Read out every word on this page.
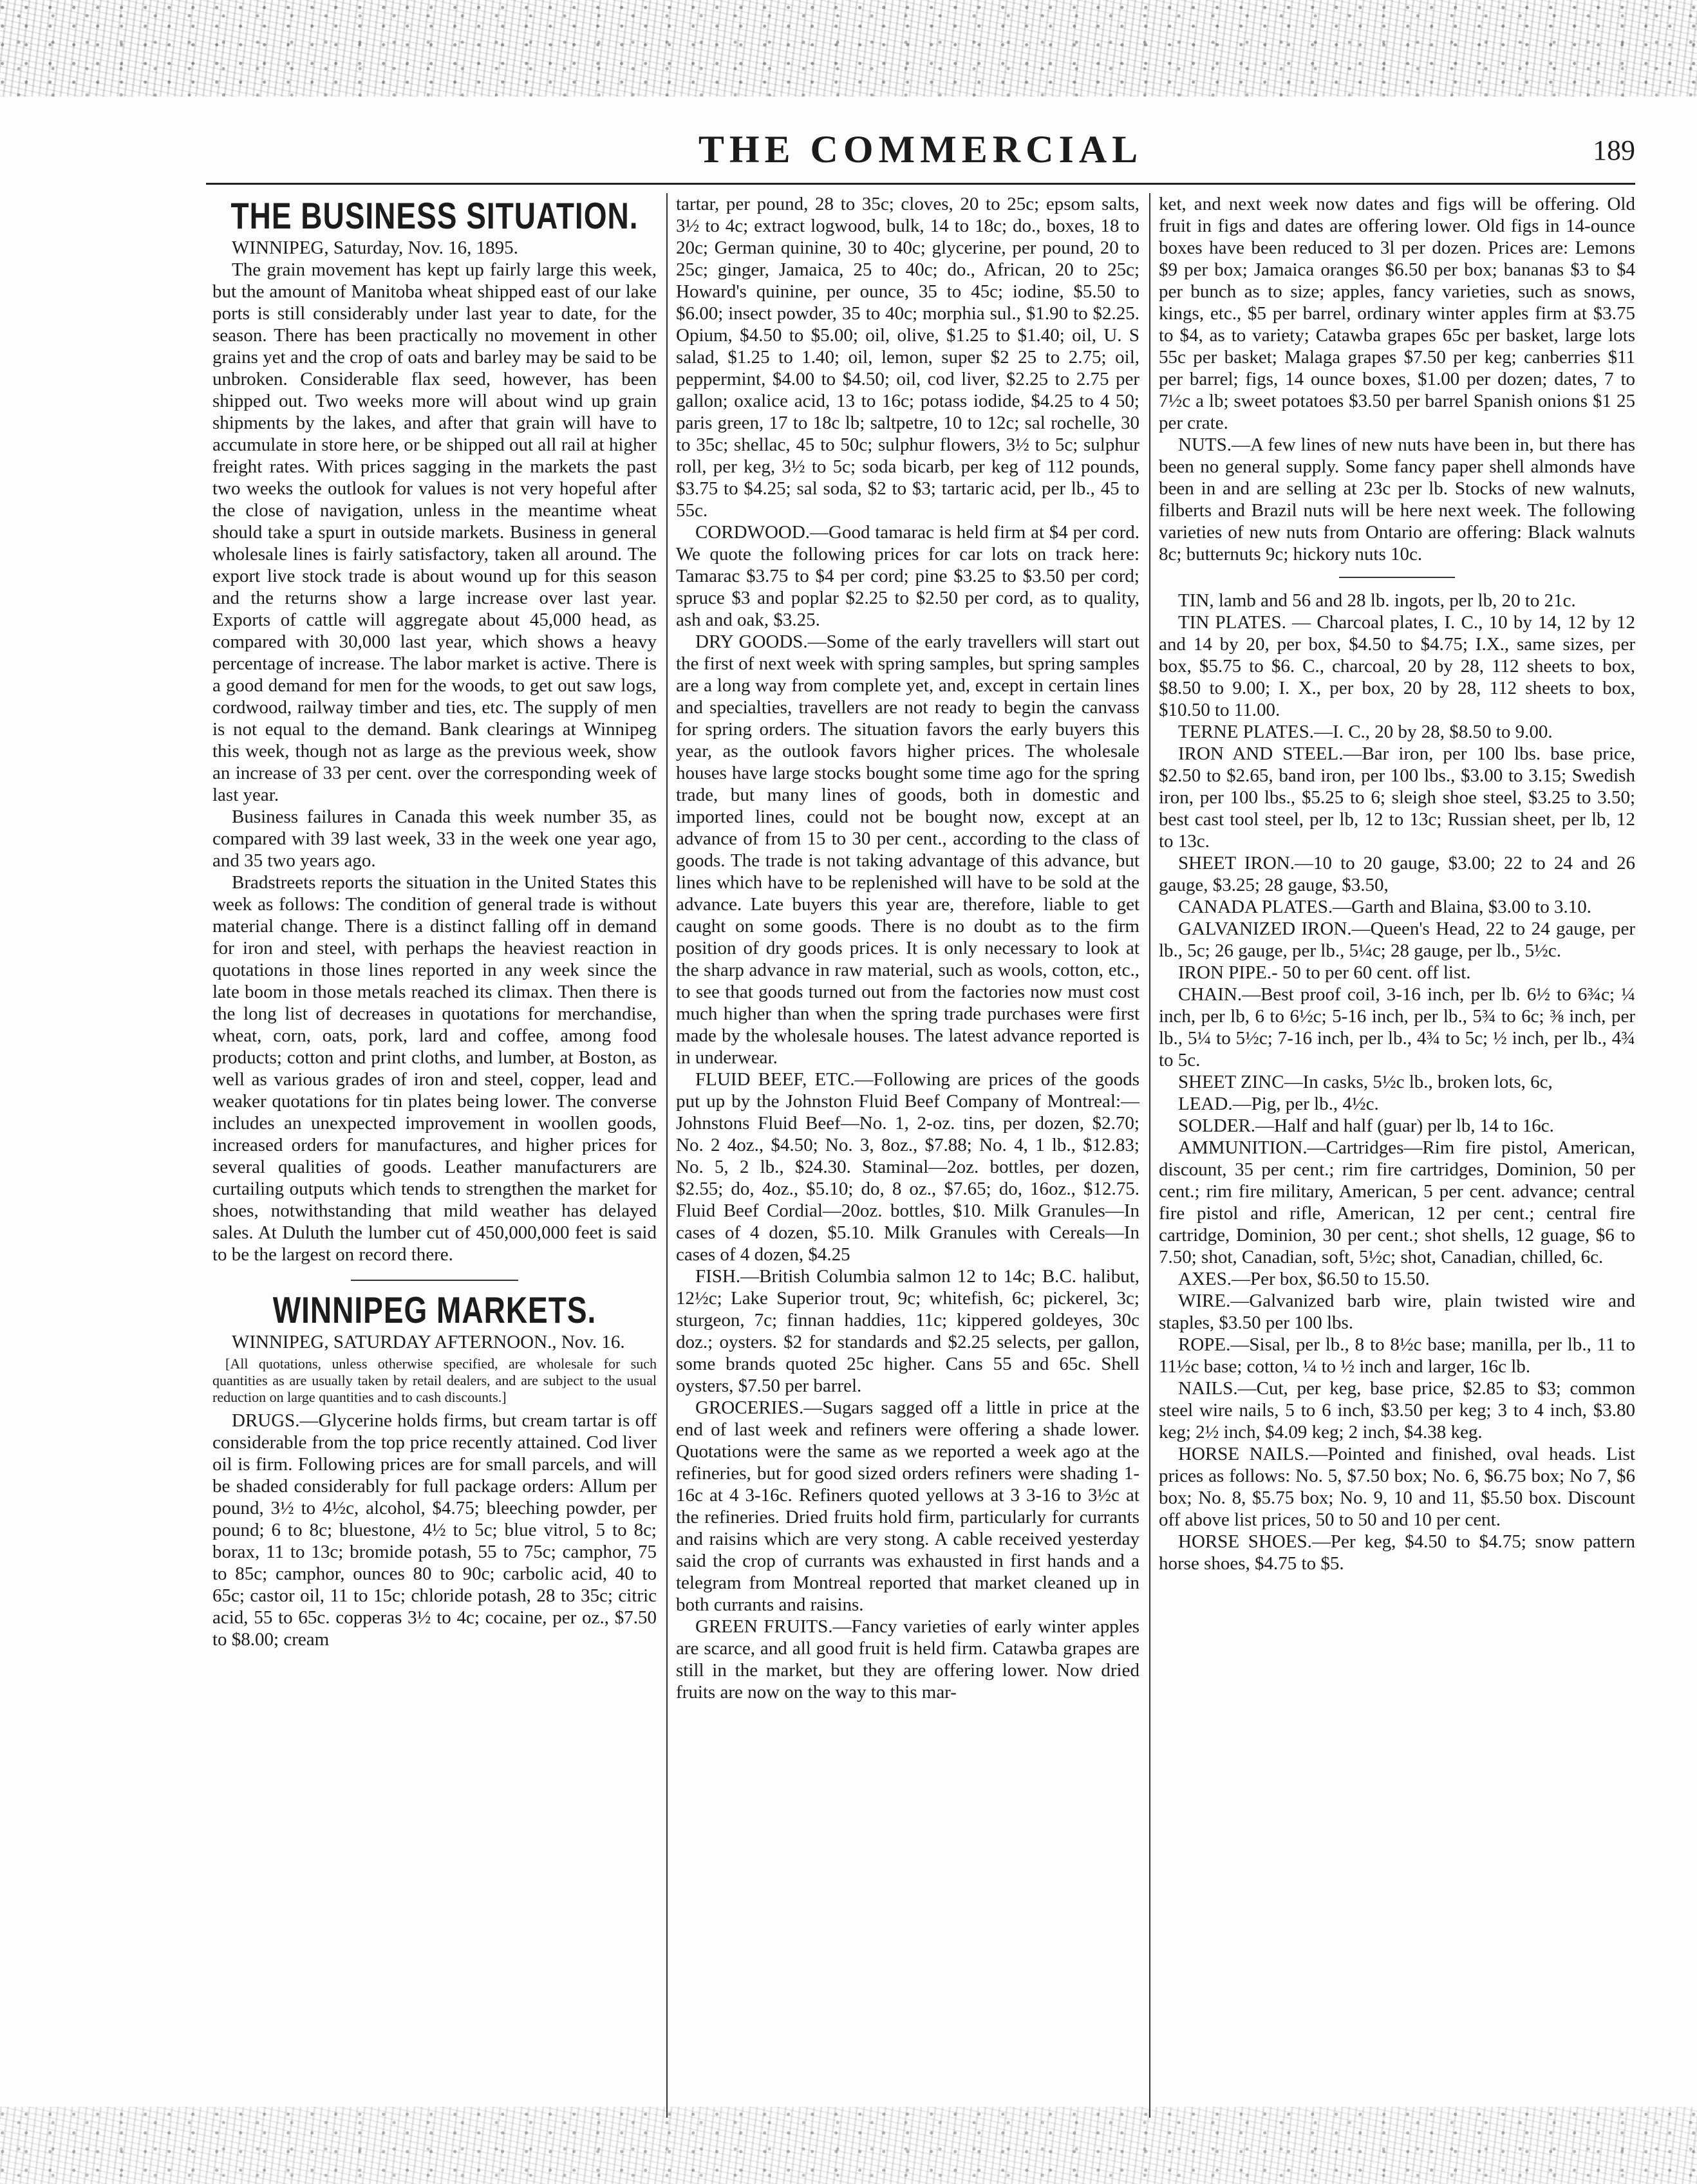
THE COMMERCIAL	189
THE BUSINESS SITUATION.

WINNIPEG, Saturday, Nov. 16, 1895.

The grain movement has kept up fairly large this week, but the amount of Manitoba wheat shipped east of our lake ports is still considerably under last year to date, for the season. There has been practically no movement in other grains yet and the crop of oats and barley may be said to be unbroken. Considerable flax seed, however, has been shipped out. Two weeks more will about wind up grain shipments by the lakes, and after that grain will have to accumulate in store here, or be shipped out all rail at higher freight rates. With prices sagging in the markets the past two weeks the outlook for values is not very hopeful after the close of navigation, unless in the meantime wheat should take a spurt in outside markets. Business in general wholesale lines is fairly satisfactory, taken all around. The export live stock trade is about wound up for this season and the returns show a large increase over last year. Exports of cattle will aggregate about 45,000 head, as compared with 30,000 last year, which shows a heavy percentage of increase. The labor market is active. There is a good demand for men for the woods, to get out saw logs, cordwood, railway timber and ties, etc. The supply of men is not equal to the demand. Bank clearings at Winnipeg this week, though not as large as the previous week, show an increase of 33 per cent. over the corresponding week of last year.

Business failures in Canada this week number 35, as compared with 39 last week, 33 in the week one year ago, and 35 two years ago.

Bradstreets reports the situation in the United States this week as follows: The condition of general trade is without material change. There is a distinct falling off in demand for iron and steel, with perhaps the heaviest reaction in quotations in those lines reported in any week since the late boom in those metals reached its climax. Then there is the long list of decreases in quotations for merchandise, wheat, corn, oats, pork, lard and coffee, among food products; cotton and print cloths, and lumber, at Boston, as well as various grades of iron and steel, copper, lead and weaker quotations for tin plates being lower. The converse includes an unexpected improvement in woollen goods, increased orders for manufactures, and higher prices for several qualities of goods. Leather manufacturers are curtailing outputs which tends to strengthen the market for shoes, notwithstanding that mild weather has delayed sales. At Duluth the lumber cut of 450,000,000 feet is said to be the largest on record there.

WINNIPEG MARKETS.

WINNIPEG, SATURDAY AFTERNOON., Nov. 16.

[All quotations, unless otherwise specified, are wholesale for such quantities as are usually taken by retail dealers, and are subject to the usual reduction on large quantities and to cash discounts.]

DRUGS.—Glycerine holds firms, but cream tartar is off considerable from the top price recently attained. Cod liver oil is firm. Following prices are for small parcels, and will be shaded considerably for full package orders: Allum per pound, 3½ to 4½c, alcohol, $4.75; bleeching powder, per pound; 6 to 8c; bluestone, 4½ to 5c; blue vitrol, 5 to 8c; borax, 11 to 13c; bromide potash, 55 to 75c; camphor, 75 to 85c; camphor, ounces 80 to 90c; carbolic acid, 40 to 65c; castor oil, 11 to 15c; chloride potash, 28 to 35c; citric acid, 55 to 65c. copperas 3½ to 4c; cocaine, per oz., $7.50 to $8.00; cream

tartar, per pound, 28 to 35c; cloves, 20 to 25c; epsom salts, 3½ to 4c; extract logwood, bulk, 14 to 18c; do., boxes, 18 to 20c; German quinine, 30 to 40c; glycerine, per pound, 20 to 25c; ginger, Jamaica, 25 to 40c; do., African, 20 to 25c; Howard's quinine, per ounce, 35 to 45c; iodine, $5.50 to $6.00; insect powder, 35 to 40c; morphia sul., $1.90 to $2.25. Opium, $4.50 to $5.00; oil, olive, $1.25 to $1.40; oil, U. S salad, $1.25 to 1.40; oil, lemon, super $2 25 to 2.75; oil, peppermint, $4.00 to $4.50; oil, cod liver, $2.25 to 2.75 per gallon; oxalice acid, 13 to 16c; potass iodide, $4.25 to 4 50; paris green, 17 to 18c lb; saltpetre, 10 to 12c; sal rochelle, 30 to 35c; shellac, 45 to 50c; sulphur flowers, 3½ to 5c; sulphur roll, per keg, 3½ to 5c; soda bicarb, per keg of 112 pounds, $3.75 to $4.25; sal soda, $2 to $3; tartaric acid, per lb., 45 to 55c.

CORDWOOD.—Good tamarac is held firm at $4 per cord. We quote the following prices for car lots on track here: Tamarac $3.75 to $4 per cord; pine $3.25 to $3.50 per cord; spruce $3 and poplar $2.25 to $2.50 per cord, as to quality, ash and oak, $3.25.

DRY GOODS.—Some of the early travellers will start out the first of next week with spring samples, but spring samples are a long way from complete yet, and, except in certain lines and specialties, travellers are not ready to begin the canvass for spring orders. The situation favors the early buyers this year, as the outlook favors higher prices. The wholesale houses have large stocks bought some time ago for the spring trade, but many lines of goods, both in domestic and imported lines, could not be bought now, except at an advance of from 15 to 30 per cent., according to the class of goods. The trade is not taking advantage of this advance, but lines which have to be replenished will have to be sold at the advance. Late buyers this year are, therefore, liable to get caught on some goods. There is no doubt as to the firm position of dry goods prices. It is only necessary to look at the sharp advance in raw material, such as wools, cotton, etc., to see that goods turned out from the factories now must cost much higher than when the spring trade purchases were first made by the wholesale houses. The latest advance reported is in underwear.

FLUID BEEF, ETC.—Following are prices of the goods put up by the Johnston Fluid Beef Company of Montreal:—Johnstons Fluid Beef—No. 1, 2-oz. tins, per dozen, $2.70; No. 2 4oz., $4.50; No. 3, 8oz., $7.88; No. 4, 1 lb., $12.83; No. 5, 2 lb., $24.30. Staminal—2oz. bottles, per dozen, $2.55; do, 4oz., $5.10; do, 8 oz., $7.65; do, 16oz., $12.75. Fluid Beef Cordial—20oz. bottles, $10. Milk Granules—In cases of 4 dozen, $5.10. Milk Granules with Cereals—In cases of 4 dozen, $4.25

FISH.—British Columbia salmon 12 to 14c; B.C. halibut, 12½c; Lake Superior trout, 9c; whitefish, 6c; pickerel, 3c; sturgeon, 7c; finnan haddies, 11c; kippered goldeyes, 30c doz.; oysters. $2 for standards and $2.25 selects, per gallon, some brands quoted 25c higher. Cans 55 and 65c. Shell oysters, $7.50 per barrel.

GROCERIES.—Sugars sagged off a little in price at the end of last week and refiners were offering a shade lower. Quotations were the same as we reported a week ago at the refineries, but for good sized orders refiners were shading 1-16c at 4 3-16c. Refiners quoted yellows at 3 3-16 to 3½c at the refineries. Dried fruits hold firm, particularly for currants and raisins which are very stong. A cable received yesterday said the crop of currants was exhausted in first hands and a telegram from Montreal reported that market cleaned up in both currants and raisins.

GREEN FRUITS.—Fancy varieties of early winter apples are scarce, and all good fruit is held firm. Catawba grapes are still in the market, but they are offering lower. Now dried fruits are now on the way to this mar-

ket, and next week now dates and figs will be offering. Old fruit in figs and dates are offering lower. Old figs in 14-ounce boxes have been reduced to 3l per dozen. Prices are: Lemons $9 per box; Jamaica oranges $6.50 per box; bananas $3 to $4 per bunch as to size; apples, fancy varieties, such as snows, kings, etc., $5 per barrel, ordinary winter apples firm at $3.75 to $4, as to variety; Catawba grapes 65c per basket, large lots 55c per basket; Malaga grapes $7.50 per keg; canberries $11 per barrel; figs, 14 ounce boxes, $1.00 per dozen; dates, 7 to 7½c a lb; sweet potatoes $3.50 per barrel Spanish onions $1 25 per crate.

NUTS.—A few lines of new nuts have been in, but there has been no general supply. Some fancy paper shell almonds have been in and are selling at 23c per lb. Stocks of new walnuts, filberts and Brazil nuts will be here next week. The following varieties of new nuts from Ontario are offering: Black walnuts 8c; butternuts 9c; hickory nuts 10c.

TIN, lamb and 56 and 28 lb. ingots, per lb, 20 to 21c.

TIN PLATES. — Charcoal plates, I. C., 10 by 14, 12 by 12 and 14 by 20, per box, $4.50 to $4.75; I.X., same sizes, per box, $5.75 to $6. C., charcoal, 20 by 28, 112 sheets to box, $8.50 to 9.00; I. X., per box, 20 by 28, 112 sheets to box, $10.50 to 11.00.

TERNE PLATES.—I. C., 20 by 28, $8.50 to 9.00.

IRON AND STEEL.—Bar iron, per 100 lbs. base price, $2.50 to $2.65, band iron, per 100 lbs., $3.00 to 3.15; Swedish iron, per 100 lbs., $5.25 to 6; sleigh shoe steel, $3.25 to 3.50; best cast tool steel, per lb, 12 to 13c; Russian sheet, per lb, 12 to 13c.

SHEET IRON.—10 to 20 gauge, $3.00; 22 to 24 and 26 gauge, $3.25; 28 gauge, $3.50,

CANADA PLATES.—Garth and Blaina, $3.00 to 3.10.

GALVANIZED IRON.—Queen's Head, 22 to 24 gauge, per lb., 5c; 26 gauge, per lb., 5¼c; 28 gauge, per lb., 5½c.

IRON PIPE.- 50 to per 60 cent. off list.

CHAIN.—Best proof coil, 3-16 inch, per lb. 6½ to 6¾c; ¼ inch, per lb, 6 to 6½c; 5-16 inch, per lb., 5¾ to 6c; ⅜ inch, per lb., 5¼ to 5½c; 7-16 inch, per lb., 4¾ to 5c; ½ inch, per lb., 4¾ to 5c.

SHEET ZINC—In casks, 5½c lb., broken lots, 6c,

LEAD.—Pig, per lb., 4½c.

SOLDER.—Half and half (guar) per lb, 14 to 16c.

AMMUNITION.—Cartridges—Rim fire pistol, American, discount, 35 per cent.; rim fire cartridges, Dominion, 50 per cent.; rim fire military, American, 5 per cent. advance; central fire pistol and rifle, American, 12 per cent.; central fire cartridge, Dominion, 30 per cent.; shot shells, 12 guage, $6 to 7.50; shot, Canadian, soft, 5½c; shot, Canadian, chilled, 6c.

AXES.—Per box, $6.50 to 15.50.

WIRE.—Galvanized barb wire, plain twisted wire and staples, $3.50 per 100 lbs.

ROPE.—Sisal, per lb., 8 to 8½c base; manilla, per lb., 11 to 11½c base; cotton, ¼ to ½ inch and larger, 16c lb.

NAILS.—Cut, per keg, base price, $2.85 to $3; common steel wire nails, 5 to 6 inch, $3.50 per keg; 3 to 4 inch, $3.80 keg; 2½ inch, $4.09 keg; 2 inch, $4.38 keg.

HORSE NAILS.—Pointed and finished, oval heads. List prices as follows: No. 5, $7.50 box; No. 6, $6.75 box; No 7, $6 box; No. 8, $5.75 box; No. 9, 10 and 11, $5.50 box. Discount off above list prices, 50 to 50 and 10 per cent.

HORSE SHOES.—Per keg, $4.50 to $4.75; snow pattern horse shoes, $4.75 to $5.
